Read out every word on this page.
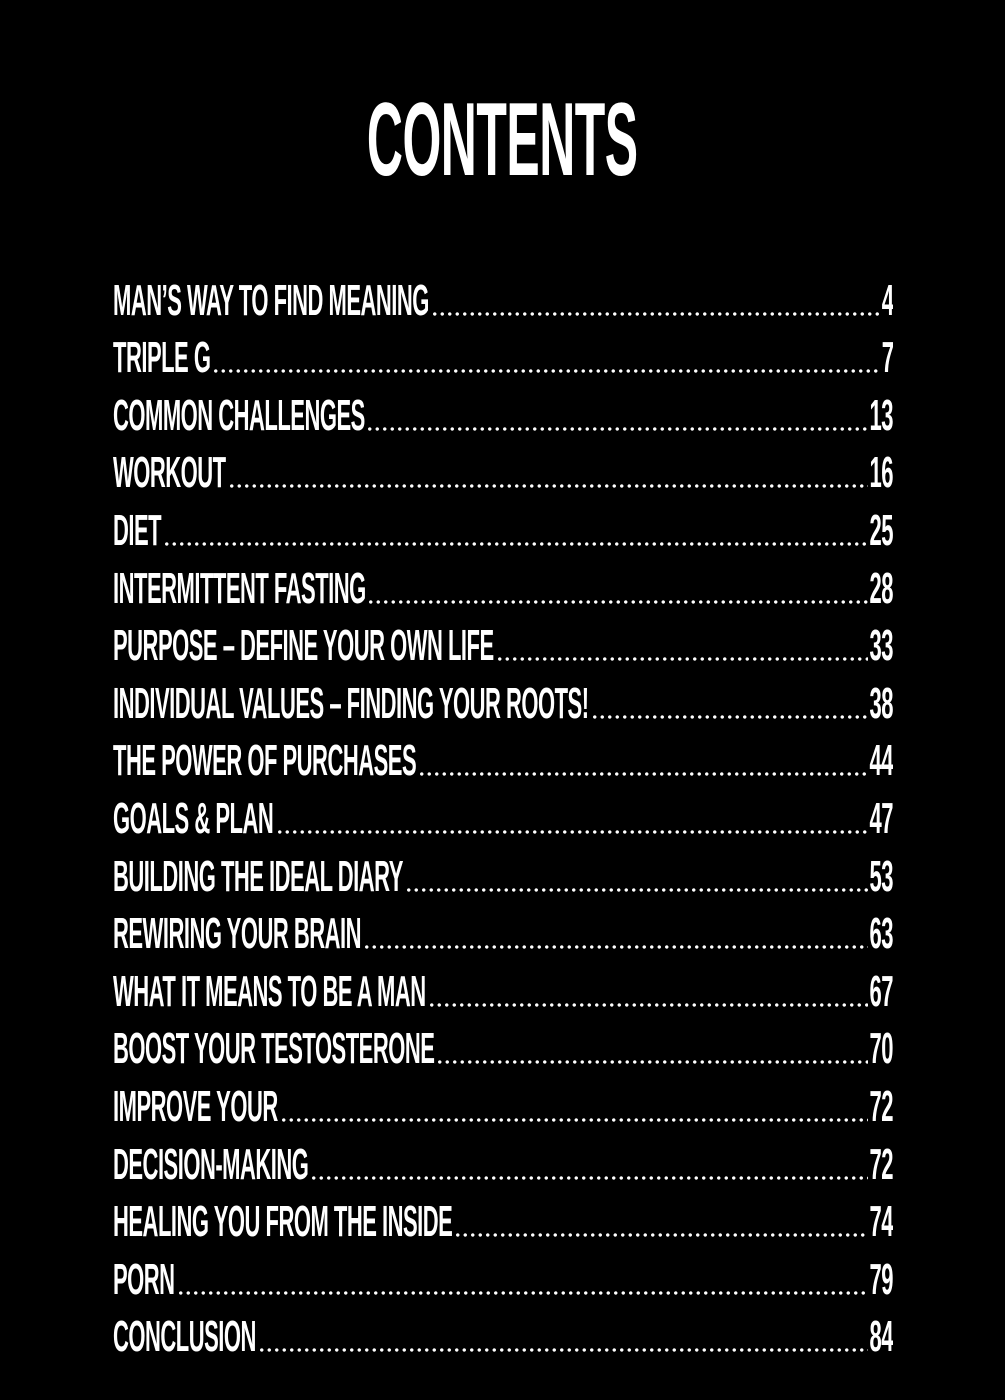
CONTENTS
MAN’S WAY TO FIND MEANING	4
TRIPLE G	7
COMMON CHALLENGES	13
WORKOUT	16
DIET	25
INTERMITTENT FASTING	28
PURPOSE – DEFINE YOUR OWN LIFE	33
INDIVIDUAL VALUES – FINDING YOUR ROOTS!	38
THE POWER OF PURCHASES	44
GOALS & PLAN	47
BUILDING THE IDEAL DIARY	53
REWIRING YOUR BRAIN	63
WHAT IT MEANS TO BE A MAN	67
BOOST YOUR TESTOSTERONE	70
IMPROVE YOUR	72
DECISION-MAKING	72
HEALING YOU FROM THE INSIDE	74
PORN	79
CONCLUSION	84
